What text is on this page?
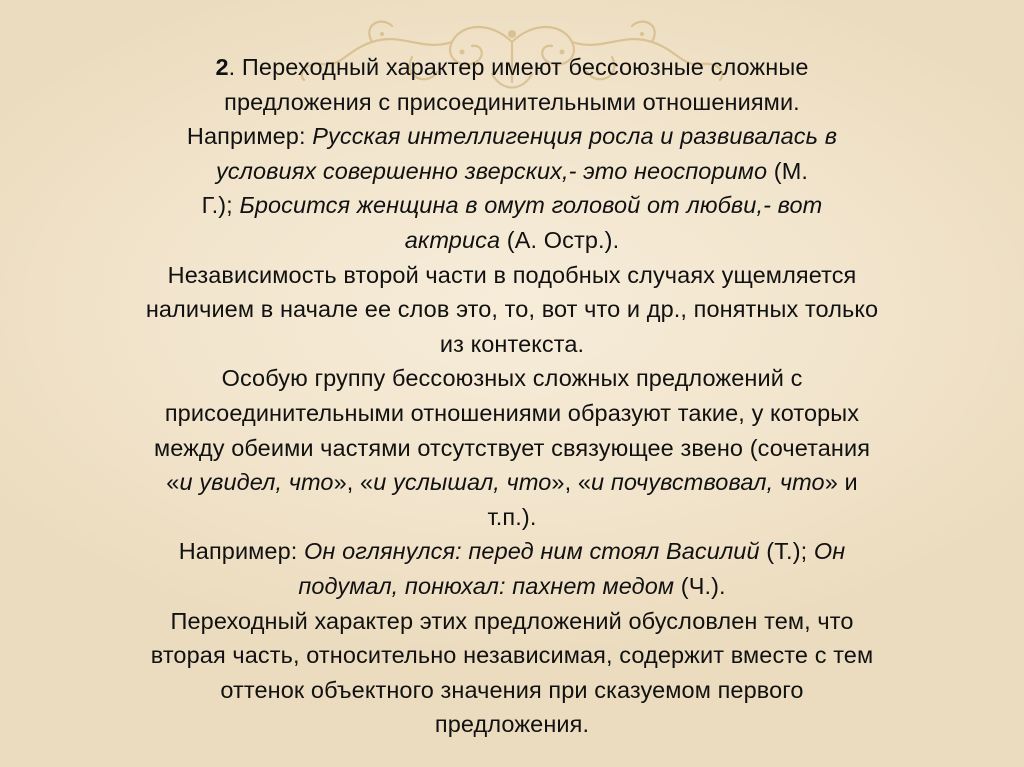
2. Переходный характер имеют бессоюзные сложные
предложения с присоединительными отношениями.
Например: Русская интеллигенция росла и развивалась в
условиях совершенно зверских,- это неоспоримо (М.
Г.); Бросится женщина в омут головой от любви,- вот
актриса (А. Остр.).
Независимость второй части в подобных случаях ущемляется
наличием в начале ее слов это, то, вот что и др., понятных только
из контекста.
Особую группу бессоюзных сложных предложений с
присоединительными отношениями образуют такие, у которых
между обеими частями отсутствует связующее звено (сочетания
«и увидел, что», «и услышал, что», «и почувствовал, что» и
т.п.).
Например: Он оглянулся: перед ним стоял Василий (Т.); Он
подумал, понюхал: пахнет медом (Ч.).
Переходный характер этих предложений обусловлен тем, что
вторая часть, относительно независимая, содержит вместе с тем
оттенок объектного значения при сказуемом первого
предложения.
